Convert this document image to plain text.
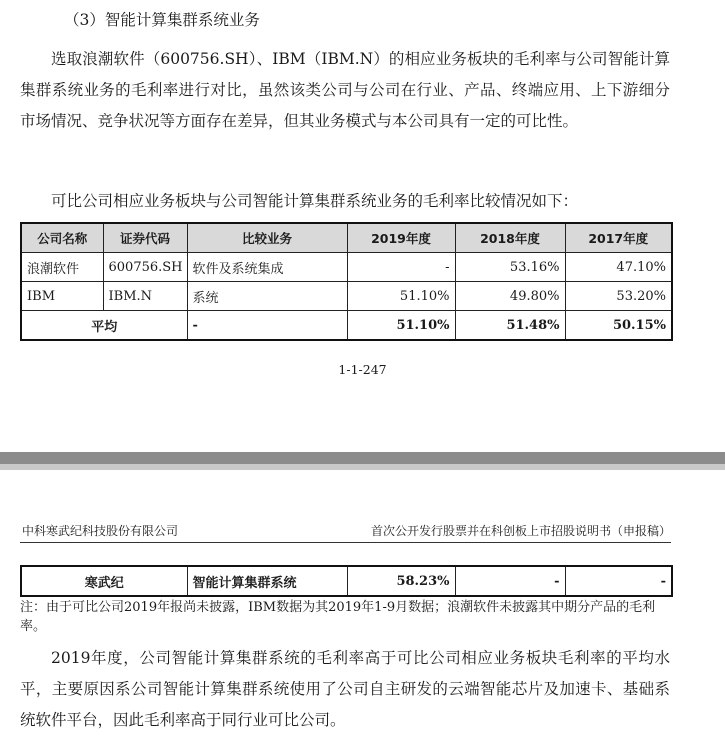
（3）智能计算集群系统业务
选取浪潮软件（600756.SH）、IBM（IBM.N）的相应业务板块的毛利率与公司智能计算集群系统业务的毛利率进行对比，虽然该类公司与公司在行业、产品、终端应用、上下游细分市场情况、竞争状况等方面存在差异，但其业务模式与本公司具有一定的可比性。
可比公司相应业务板块与公司智能计算集群系统业务的毛利率比较情况如下：
公司名称	证券代码	比较业务	2019年度	2018年度	2017年度
浪潮软件	600756.SH	软件及系统集成	-	53.16%	47.10%
IBM	IBM.N	系统	51.10%	49.80%	53.20%
平均		-	51.10%	51.48%	50.15%
1-1-247
中科寒武纪科技股份有限公司	首次公开发行股票并在科创板上市招股说明书（申报稿）
寒武纪	智能计算集群系统	58.23%	-	-
注：由于可比公司2019年报尚未披露，IBM数据为其2019年1-9月数据；浪潮软件未披露其中期分产品的毛利率。
2019年度，公司智能计算集群系统的毛利率高于可比公司相应业务板块毛利率的平均水平，主要原因系公司智能计算集群系统使用了公司自主研发的云端智能芯片及加速卡、基础系统软件平台，因此毛利率高于同行业可比公司。
